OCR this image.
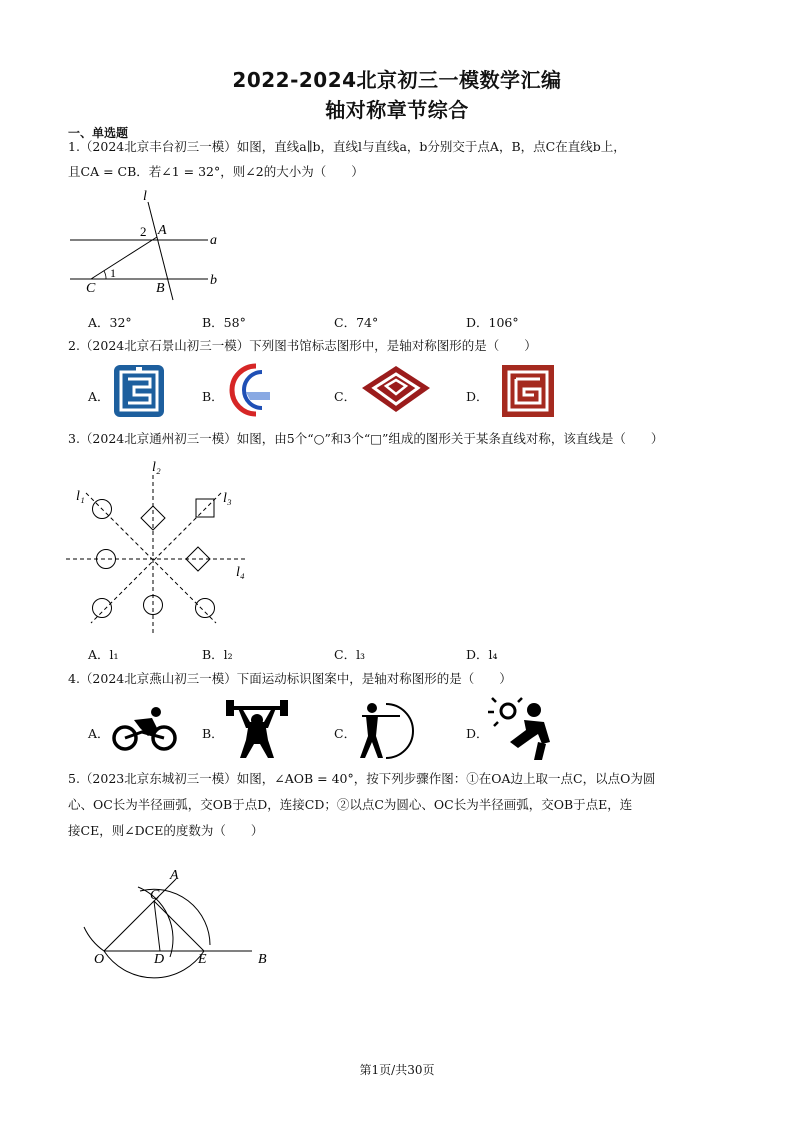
2022-2024北京初三一模数学汇编
轴对称章节综合
一、单选题
1.（2024北京丰台初三一模）如图，直线a∥b，直线l与直线a，b分别交于点A，B，点C在直线b上，
且CA = CB．若∠1 = 32°，则∠2的大小为（　　）
l
A
a
b
C	B
2
1
A．32°	B．58°	C．74°	D．106°
2.（2024北京石景山初三一模）下列图书馆标志图形中，是轴对称图形的是（　　）
A．	B．	C．	D．
3.（2024北京通州初三一模）如图，由5个“○”和3个“□”组成的图形关于某条直线对称，该直线是（　　）
l₁
l₂
l₃
l₄
A．l₁	B．l₂	C．l₃	D．l₄
4.（2024北京燕山初三一模）下面运动标识图案中，是轴对称图形的是（　　）
A．	B．	C．	D．
5.（2023北京东城初三一模）如图，∠AOB = 40°，按下列步骤作图：①在OA边上取一点C，以点O为圆
心、OC长为半径画弧，交OB于点D，连接CD；②以点C为圆心、OC长为半径画弧，交OB于点E，连
接CE，则∠DCE的度数为（　　）
A
C
O	D E	B
第1页/共30页
